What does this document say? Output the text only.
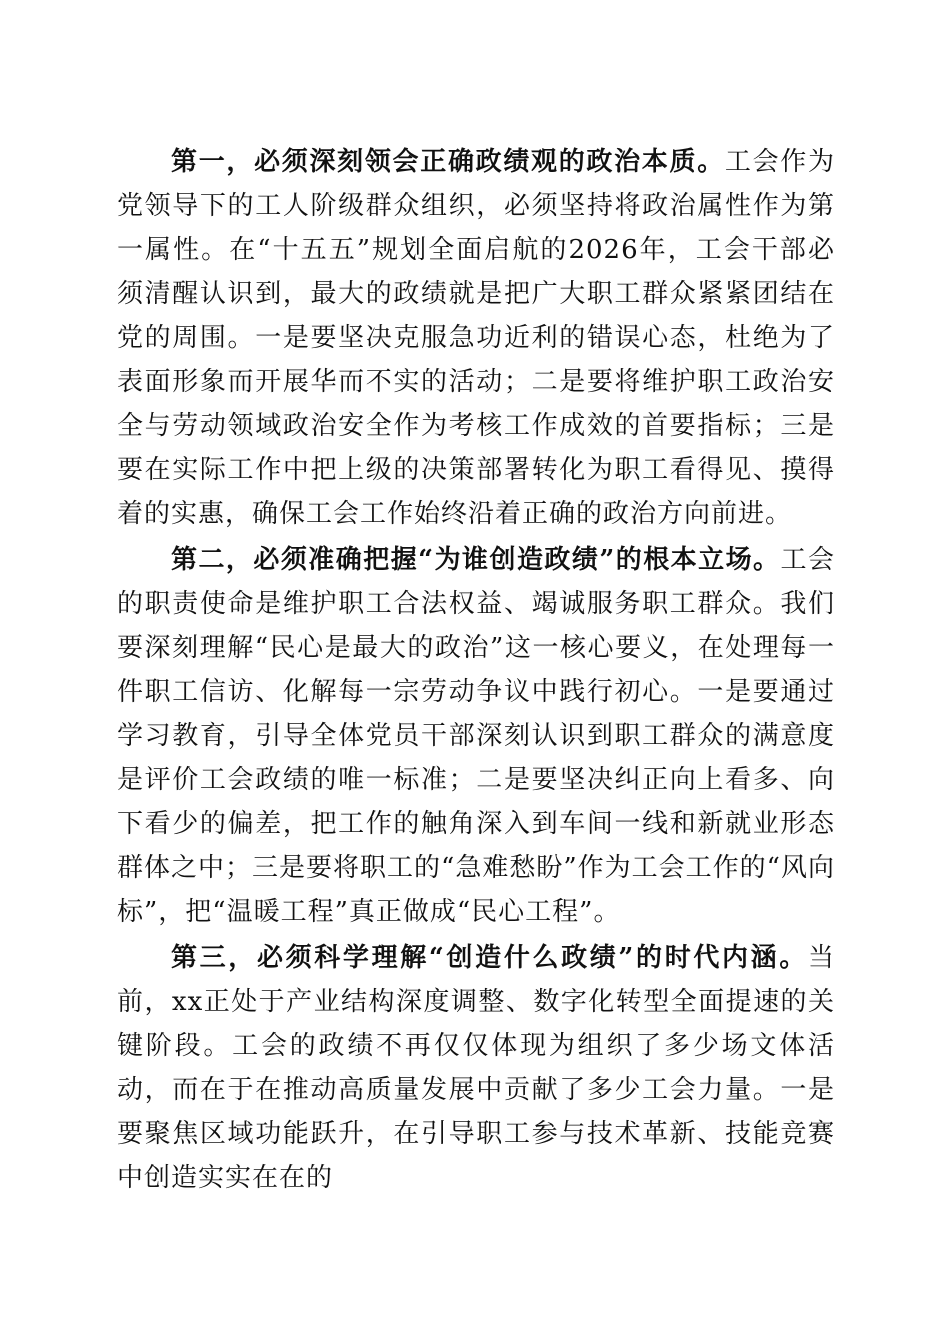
第一，必须深刻领会正确政绩观的政治本质。工会作为党领导下的工人阶级群众组织，必须坚持将政治属性作为第一属性。在“十五五”规划全面启航的2026年，工会干部必须清醒认识到，最大的政绩就是把广大职工群众紧紧团结在党的周围。一是要坚决克服急功近利的错误心态，杜绝为了表面形象而开展华而不实的活动；二是要将维护职工政治安全与劳动领域政治安全作为考核工作成效的首要指标；三是要在实际工作中把上级的决策部署转化为职工看得见、摸得着的实惠，确保工会工作始终沿着正确的政治方向前进。

第二，必须准确把握“为谁创造政绩”的根本立场。工会的职责使命是维护职工合法权益、竭诚服务职工群众。我们要深刻理解“民心是最大的政治”这一核心要义，在处理每一件职工信访、化解每一宗劳动争议中践行初心。一是要通过学习教育，引导全体党员干部深刻认识到职工群众的满意度是评价工会政绩的唯一标准；二是要坚决纠正向上看多、向下看少的偏差，把工作的触角深入到车间一线和新就业形态群体之中；三是要将职工的“急难愁盼”作为工会工作的“风向标”，把“温暖工程”真正做成“民心工程”。

第三，必须科学理解“创造什么政绩”的时代内涵。当前，xx正处于产业结构深度调整、数字化转型全面提速的关键阶段。工会的政绩不再仅仅体现为组织了多少场文体活动，而在于在推动高质量发展中贡献了多少工会力量。一是要聚焦区域功能跃升，在引导职工参与技术革新、技能竞赛中创造实实在在的
